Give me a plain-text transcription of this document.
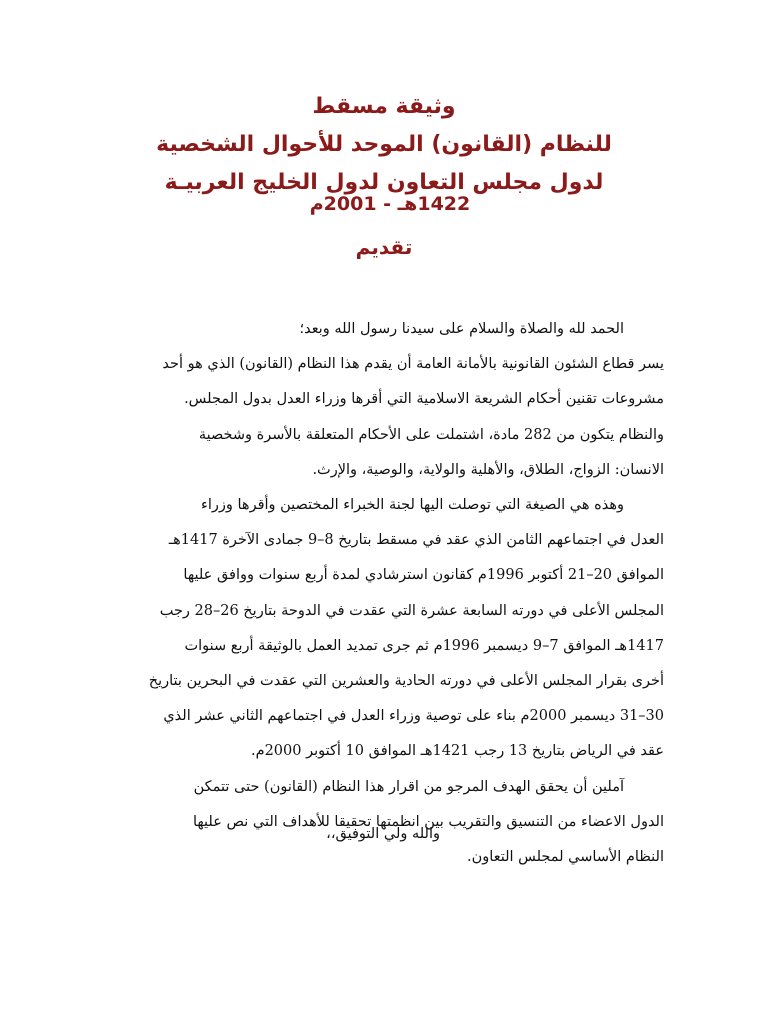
وثيقة مسقط

للنظام (القانون) الموحد للأحوال الشخصية

لدول مجلس التعاون لدول الخليج العربيـة

1422هـ - 2001م
تقديم
الحمد لله والصلاة والسلام على سيدنا رسول الله وبعد؛
يسر قطاع الشئون القانونية بالأمانة العامة أن يقدم هذا النظام (القانون) الذي هو أحد
مشروعات تقنين أحكام الشريعة الاسلامية التي أقرها وزراء العدل بدول المجلس.
والنظام يتكون من 282 مادة، اشتملت على الأحكام المتعلقة بالأسرة وشخصية
الانسان: الزواج، الطلاق، والأهلية والولاية، والوصية، والإرث.
وهذه هي الصيغة التي توصلت اليها لجنة الخبراء المختصين وأقرها وزراء
العدل في اجتماعهم الثامن الذي عقد في مسقط بتاريخ 8–9 جمادى الآخرة 1417هـ
الموافق 20–21 أكتوبر 1996م كقانون استرشادي لمدة أربع سنوات ووافق عليها
المجلس الأعلى في دورته السابعة عشرة التي عقدت في الدوحة بتاريخ 26–28 رجب
1417هـ الموافق 7–9 ديسمبر 1996م ثم جرى تمديد العمل بالوثيقة أربع سنوات
أخرى بقرار المجلس الأعلى في دورته الحادية والعشرين التي عقدت في البحرين بتاريخ
30–31 ديسمبر 2000م بناء على توصية وزراء العدل في اجتماعهم الثاني عشر الذي
عقد في الرياض بتاريخ 13 رجب 1421هـ الموافق 10 أكتوبر 2000م.
آملين أن يحقق الهدف المرجو من اقرار هذا النظام (القانون) حتى تتمكن
الدول الاعضاء من التنسيق والتقريب بين انظمتها تحقيقا للأهداف التي نص عليها
النظام الأساسي لمجلس التعاون.
والله ولي التوفيق،،
